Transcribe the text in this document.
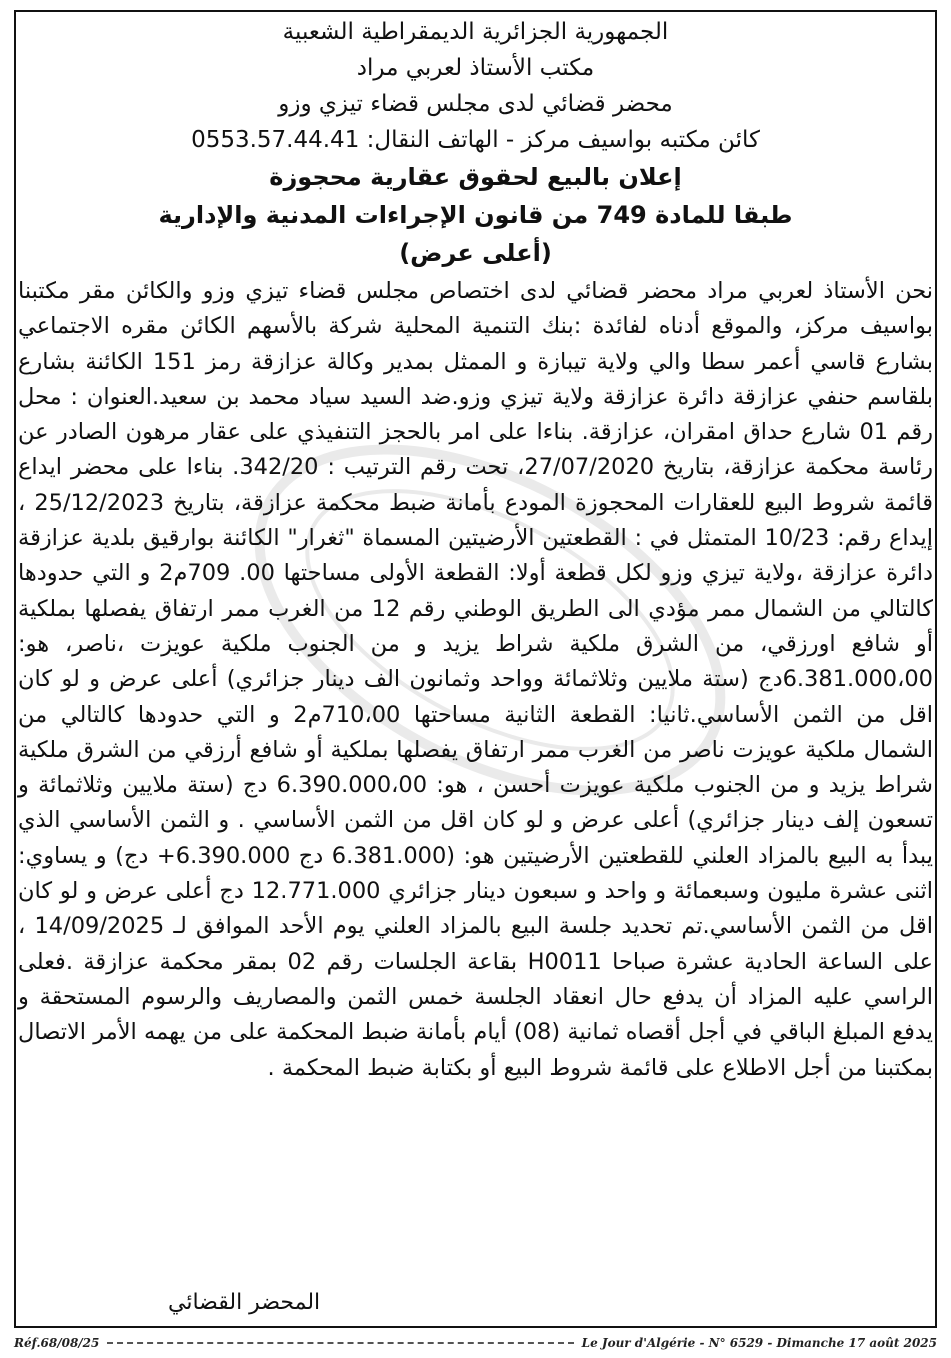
الجمهورية الجزائرية الديمقراطية الشعبية
مكتب الأستاذ لعربي مراد
محضر قضائي لدى مجلس قضاء تيزي وزو
كائن مكتبه بواسيف مركز - الهاتف النقال: 0553.57.44.41
إعلان بالبيع لحقوق عقارية محجوزة
طبقا للمادة 749 من قانون الإجراءات المدنية والإدارية
(أعلى عرض)
نحن الأستاذ لعربي مراد محضر قضائي لدى اختصاص مجلس قضاء تيزي وزو والكائن مقر مكتبنا بواسيف مركز، والموقع أدناه لفائدة :بنك التنمية المحلية شركة بالأسهم الكائن مقره الاجتماعي بشارع قاسي أعمر سطا والي ولاية تيبازة و الممثل بمدير وكالة عزازقة رمز 151 الكائنة بشارع بلقاسم حنفي عزازقة دائرة عزازقة ولاية تيزي وزو.ضد السيد سياد محمد بن سعيد.العنوان : محل رقم 01 شارع حداق امقران، عزازقة. بناءا على امر بالحجز التنفيذي على عقار مرهون الصادر عن رئاسة محكمة عزازقة، بتاريخ 27/07/2020، تحت رقم الترتيب : 342/20. بناءا على محضر ايداع قائمة شروط البيع للعقارات المحجوزة المودع بأمانة ضبط محكمة عزازقة، بتاريخ 25/12/2023 ، إيداع رقم: 10/23 المتمثل في : القطعتين الأرضيتين المسماة "ثغرار" الكائنة بوارقيق بلدية عزازقة دائرة عزازقة ،ولاية تيزي وزو لكل قطعة أولا: القطعة الأولى مساحتها 00. 709م2 و التي حدودها كالتالي من الشمال ممر مؤدي الى الطريق الوطني رقم 12 من الغرب ممر ارتفاق يفصلها بملكية أو شافع اورزقي، من الشرق ملكية شراط يزيد و من الجنوب ملكية عويزت ،ناصر، هو: 6.381.000،00دج (ستة ملايين وثلاثمائة وواحد وثمانون الف دينار جزائري) أعلى عرض و لو كان اقل من الثمن الأساسي.ثانيا: القطعة الثانية مساحتها 710،00م2 و التي حدودها كالتالي من الشمال ملكية عويزت ناصر من الغرب ممر ارتفاق يفصلها بملكية أو شافع أرزقي من الشرق ملكية شراط يزيد و من الجنوب ملكية عويزت أحسن ، هو: 6.390.000،00 دج (ستة ملايين وثلاثمائة و تسعون إلف دينار جزائري) أعلى عرض و لو كان اقل من الثمن الأساسي . و الثمن الأساسي الذي يبدأ به البيع بالمزاد العلني للقطعتين الأرضيتين هو: (6.381.000 دج 6.390.000+ دج) و يساوي: اثنى عشرة مليون وسبعمائة و واحد و سبعون دينار جزائري 12.771.000 دج أعلى عرض و لو كان اقل من الثمن الأساسي.تم تحديد جلسة البيع بالمزاد العلني يوم الأحد الموافق لـ 14/09/2025 ، على الساعة الحادية عشرة صباحا H0011 بقاعة الجلسات رقم 02 بمقر محكمة عزازقة .فعلى الراسي عليه المزاد أن يدفع حال انعقاد الجلسة خمس الثمن والمصاريف والرسوم المستحقة و يدفع المبلغ الباقي في أجل أقصاه ثمانية (08) أيام بأمانة ضبط المحكمة على من يهمه الأمر الاتصال بمكتبنا من أجل الاطلاع على قائمة شروط البيع أو بكتابة ضبط المحكمة .
المحضر القضائي
Réf.68/08/25	Le Jour d'Algérie - N° 6529 - Dimanche 17 août 2025
